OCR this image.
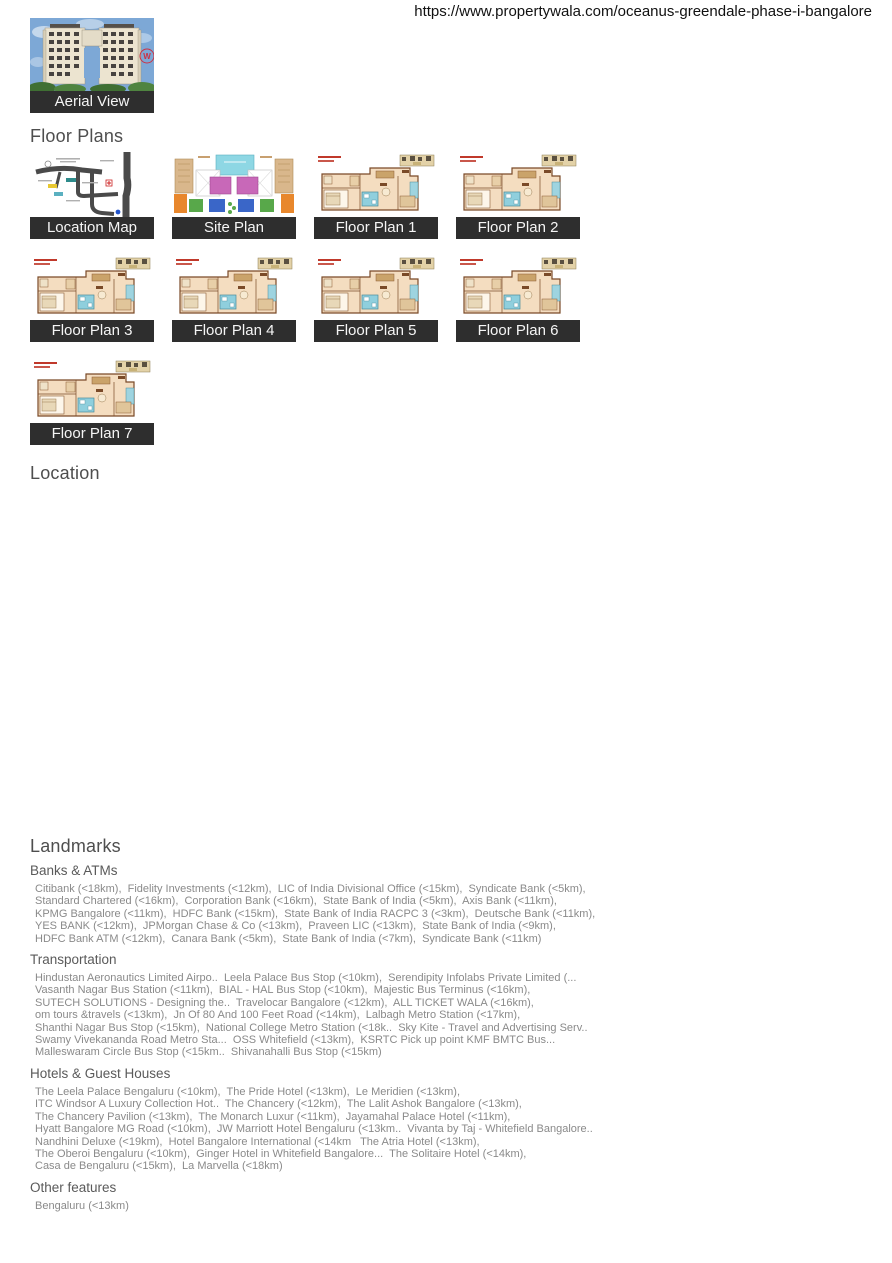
https://www.propertywala.com/oceanus-greendale-phase-i-bangalore
W
Aerial View
Floor Plans
Location Map	Site Plan	Floor Plan 1	Floor Plan 2
Floor Plan 3	Floor Plan 4	Floor Plan 5	Floor Plan 6
Floor Plan 7
Location
Landmarks
Banks & ATMs
Citibank (<18km),  Fidelity Investments (<12km),  LIC of India Divisional Office (<15km),  Syndicate Bank (<5km),
Standard Chartered (<16km),  Corporation Bank (<16km),  State Bank of India (<5km),  Axis Bank (<11km),
KPMG Bangalore (<11km),  HDFC Bank (<15km),  State Bank of India RACPC 3 (<3km),  Deutsche Bank (<11km),
YES BANK (<12km),  JPMorgan Chase & Co (<13km),  Praveen LIC (<13km),  State Bank of India (<9km),
HDFC Bank ATM (<12km),  Canara Bank (<5km),  State Bank of India (<7km),  Syndicate Bank (<11km)
Transportation
Hindustan Aeronautics Limited Airpo..  Leela Palace Bus Stop (<10km),  Serendipity Infolabs Private Limited (...
Vasanth Nagar Bus Station (<11km),  BIAL - HAL Bus Stop (<10km),  Majestic Bus Terminus (<16km),
SUTECH SOLUTIONS - Designing the..  Travelocar Bangalore (<12km),  ALL TICKET WALA (<16km),
om tours &travels (<13km),  Jn Of 80 And 100 Feet Road (<14km),  Lalbagh Metro Station (<17km),
Shanthi Nagar Bus Stop (<15km),  National College Metro Station (<18k..  Sky Kite - Travel and Advertising Serv..
Swamy Vivekananda Road Metro Sta...  OSS Whitefield (<13km),  KSRTC Pick up point KMF BMTC Bus...
Malleswaram Circle Bus Stop (<15km..  Shivanahalli Bus Stop (<15km)
Hotels & Guest Houses
The Leela Palace Bengaluru (<10km),  The Pride Hotel (<13km),  Le Meridien (<13km),
ITC Windsor A Luxury Collection Hot..  The Chancery (<12km),  The Lalit Ashok Bangalore (<13km),
The Chancery Pavilion (<13km),  The Monarch Luxur (<11km),  Jayamahal Palace Hotel (<11km),
Hyatt Bangalore MG Road (<10km),  JW Marriott Hotel Bengaluru (<13km..  Vivanta by Taj - Whitefield Bangalore..
Nandhini Deluxe (<19km),  Hotel Bangalore International (<14km   The Atria Hotel (<13km),
The Oberoi Bengaluru (<10km),  Ginger Hotel in Whitefield Bangalore...  The Solitaire Hotel (<14km),
Casa de Bengaluru (<15km),  La Marvella (<18km)
Other features
Bengaluru (<13km)
